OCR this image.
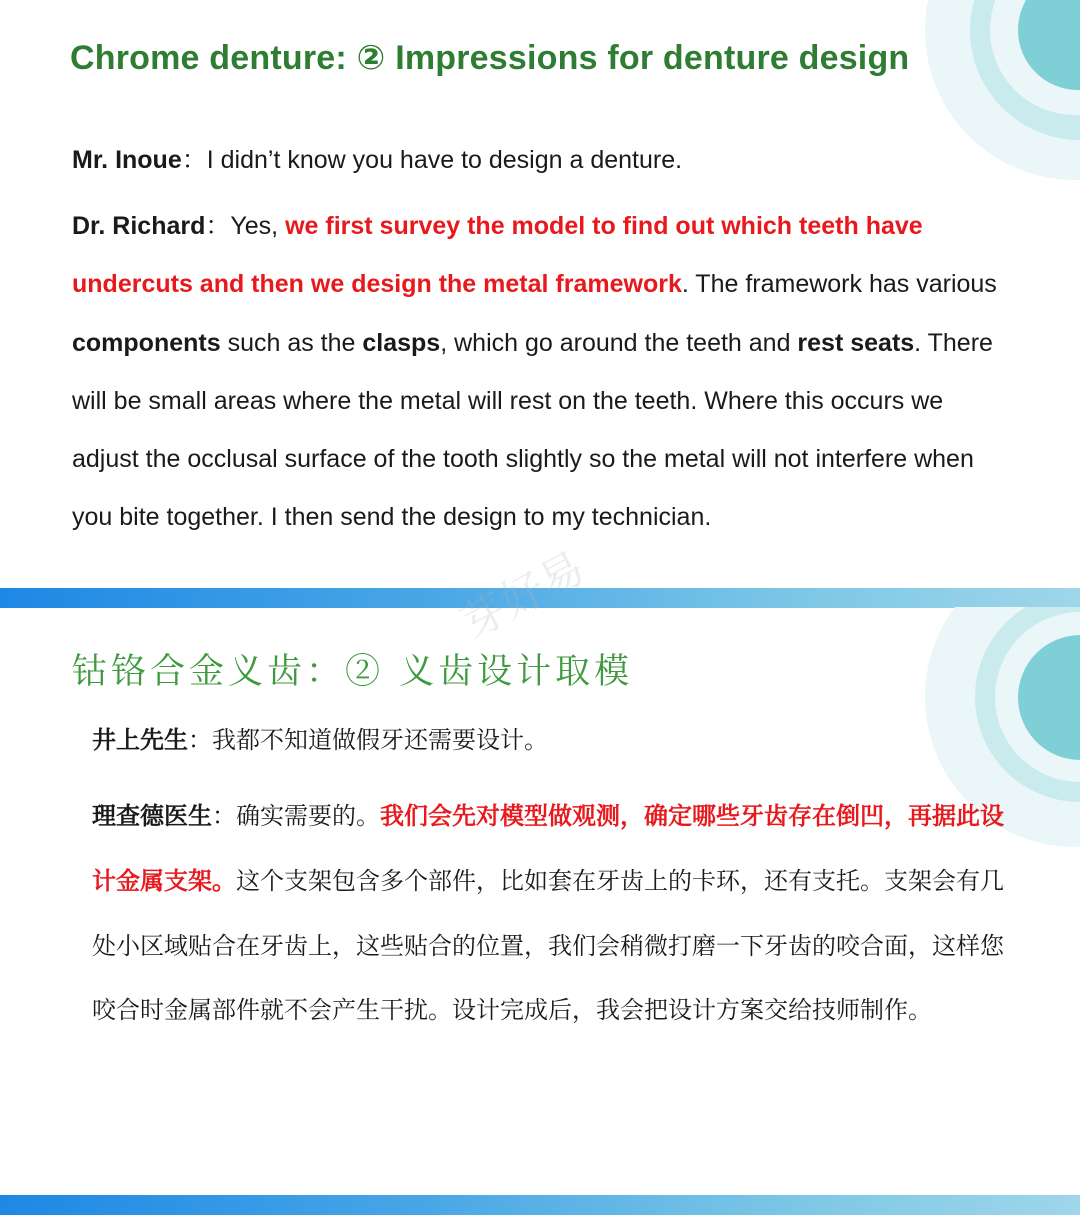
Chrome denture: ② Impressions for denture design

Mr. Inoue：I didn’t know you have to design a denture.

Dr. Richard：Yes, we first survey the model to find out which teeth have undercuts and then we design the metal framework. The framework has various components such as the clasps, which go around the teeth and rest seats. There will be small areas where the metal will rest on the teeth. Where this occurs we adjust the occlusal surface of the tooth slightly so the metal will not interfere when you bite together. I then send the design to my technician.

芽好易
钴铬合金义齿：② 义齿设计取模

井上先生：我都不知道做假牙还需要设计。

理查德医生：确实需要的。我们会先对模型做观测，确定哪些牙齿存在倒凹，再据此设计金属支架。这个支架包含多个部件，比如套在牙齿上的卡环，还有支托。支架会有几处小区域贴合在牙齿上，这些贴合的位置，我们会稍微打磨一下牙齿的咬合面，这样您咬合时金属部件就不会产生干扰。设计完成后，我会把设计方案交给技师制作。
